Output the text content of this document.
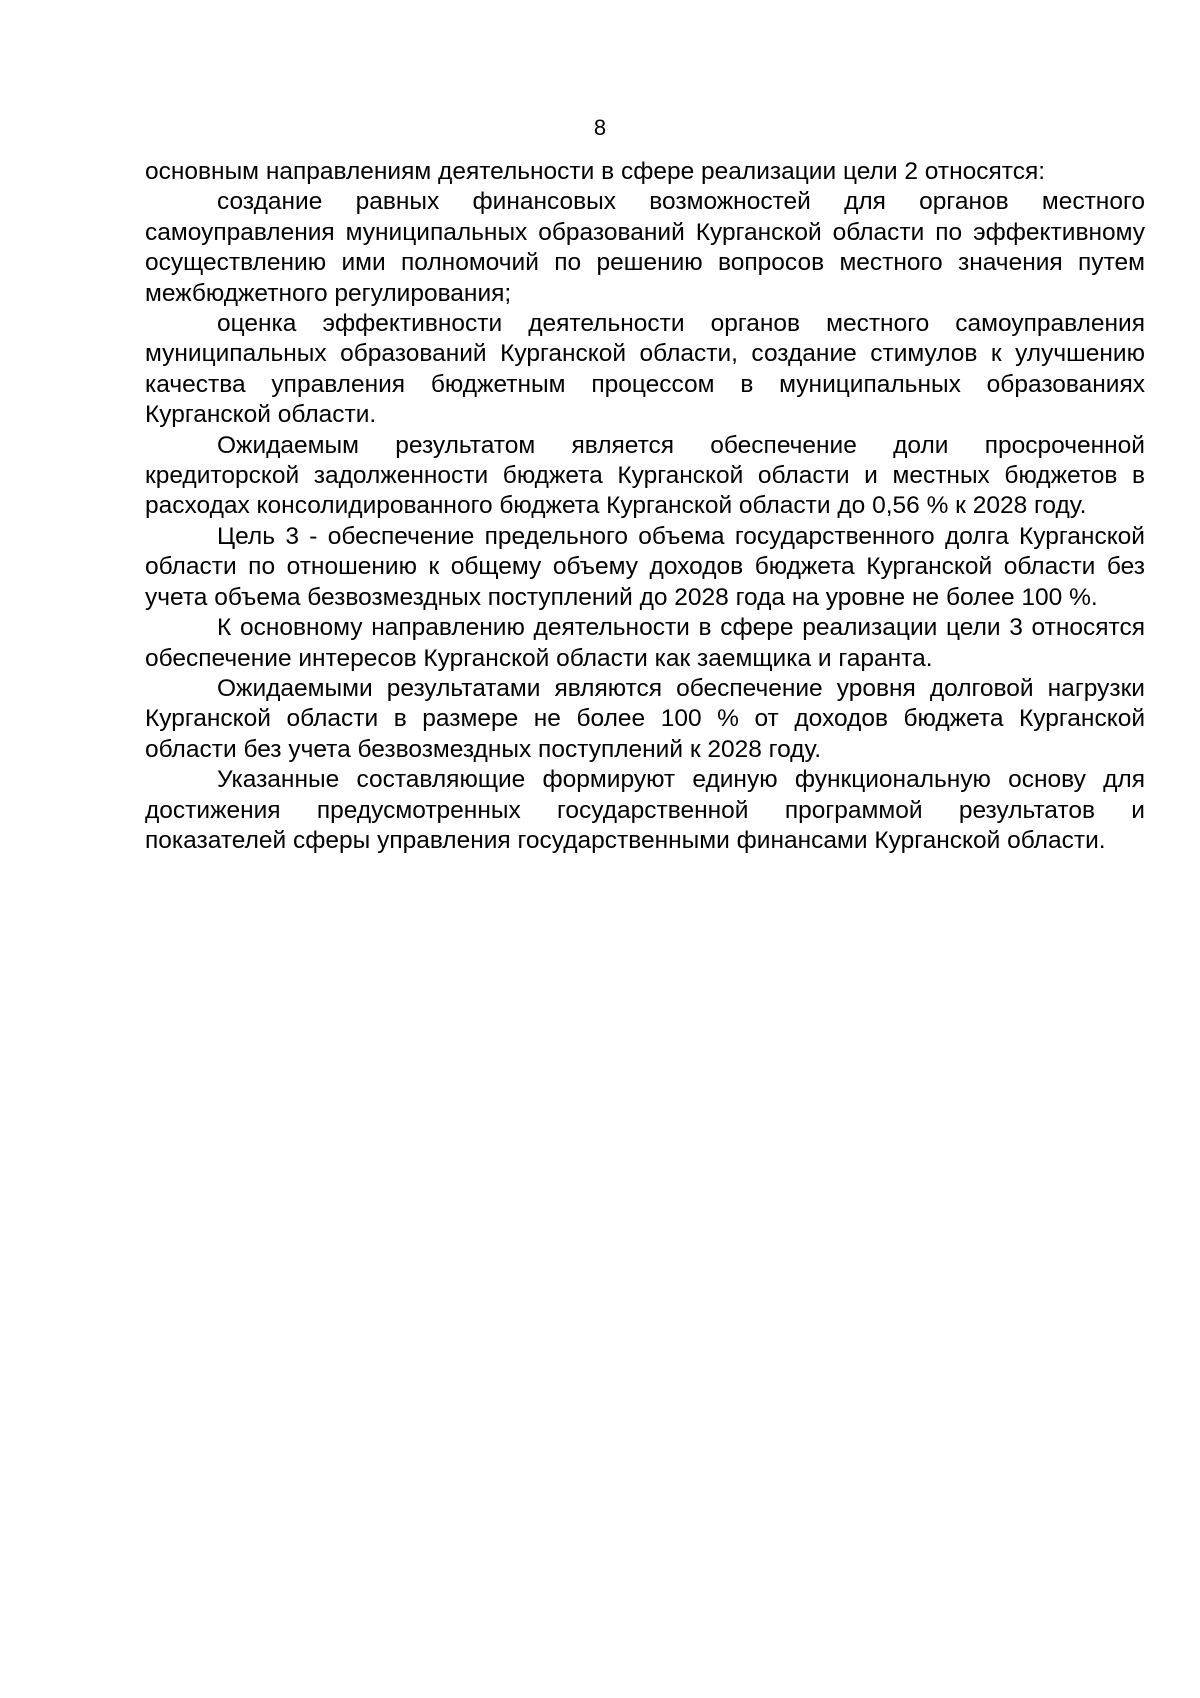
8

основным направлениям деятельности в сфере реализации цели 2 относятся:

создание равных финансовых возможностей для органов местного самоуправления муниципальных образований Курганской области по эффективному осуществлению ими полномочий по решению вопросов местного значения путем межбюджетного регулирования;

оценка эффективности деятельности органов местного самоуправления муниципальных образований Курганской области, создание стимулов к улучшению качества управления бюджетным процессом в муниципальных образованиях Курганской области.

Ожидаемым результатом является обеспечение доли просроченной кредиторской задолженности бюджета Курганской области и местных бюджетов в расходах консолидированного бюджета Курганской области до 0,56 % к 2028 году.

Цель 3 - обеспечение предельного объема государственного долга Курганской области по отношению к общему объему доходов бюджета Курганской области без учета объема безвозмездных поступлений до 2028 года на уровне не более 100 %.

К основному направлению деятельности в сфере реализации цели 3 относятся обеспечение интересов Курганской области как заемщика и гаранта.

Ожидаемыми результатами являются обеспечение уровня долговой нагрузки Курганской области в размере не более 100 % от доходов бюджета Курганской области без учета безвозмездных поступлений к 2028 году.

Указанные составляющие формируют единую функциональную основу для достижения предусмотренных государственной программой результатов и показателей сферы управления государственными финансами Курганской области.
